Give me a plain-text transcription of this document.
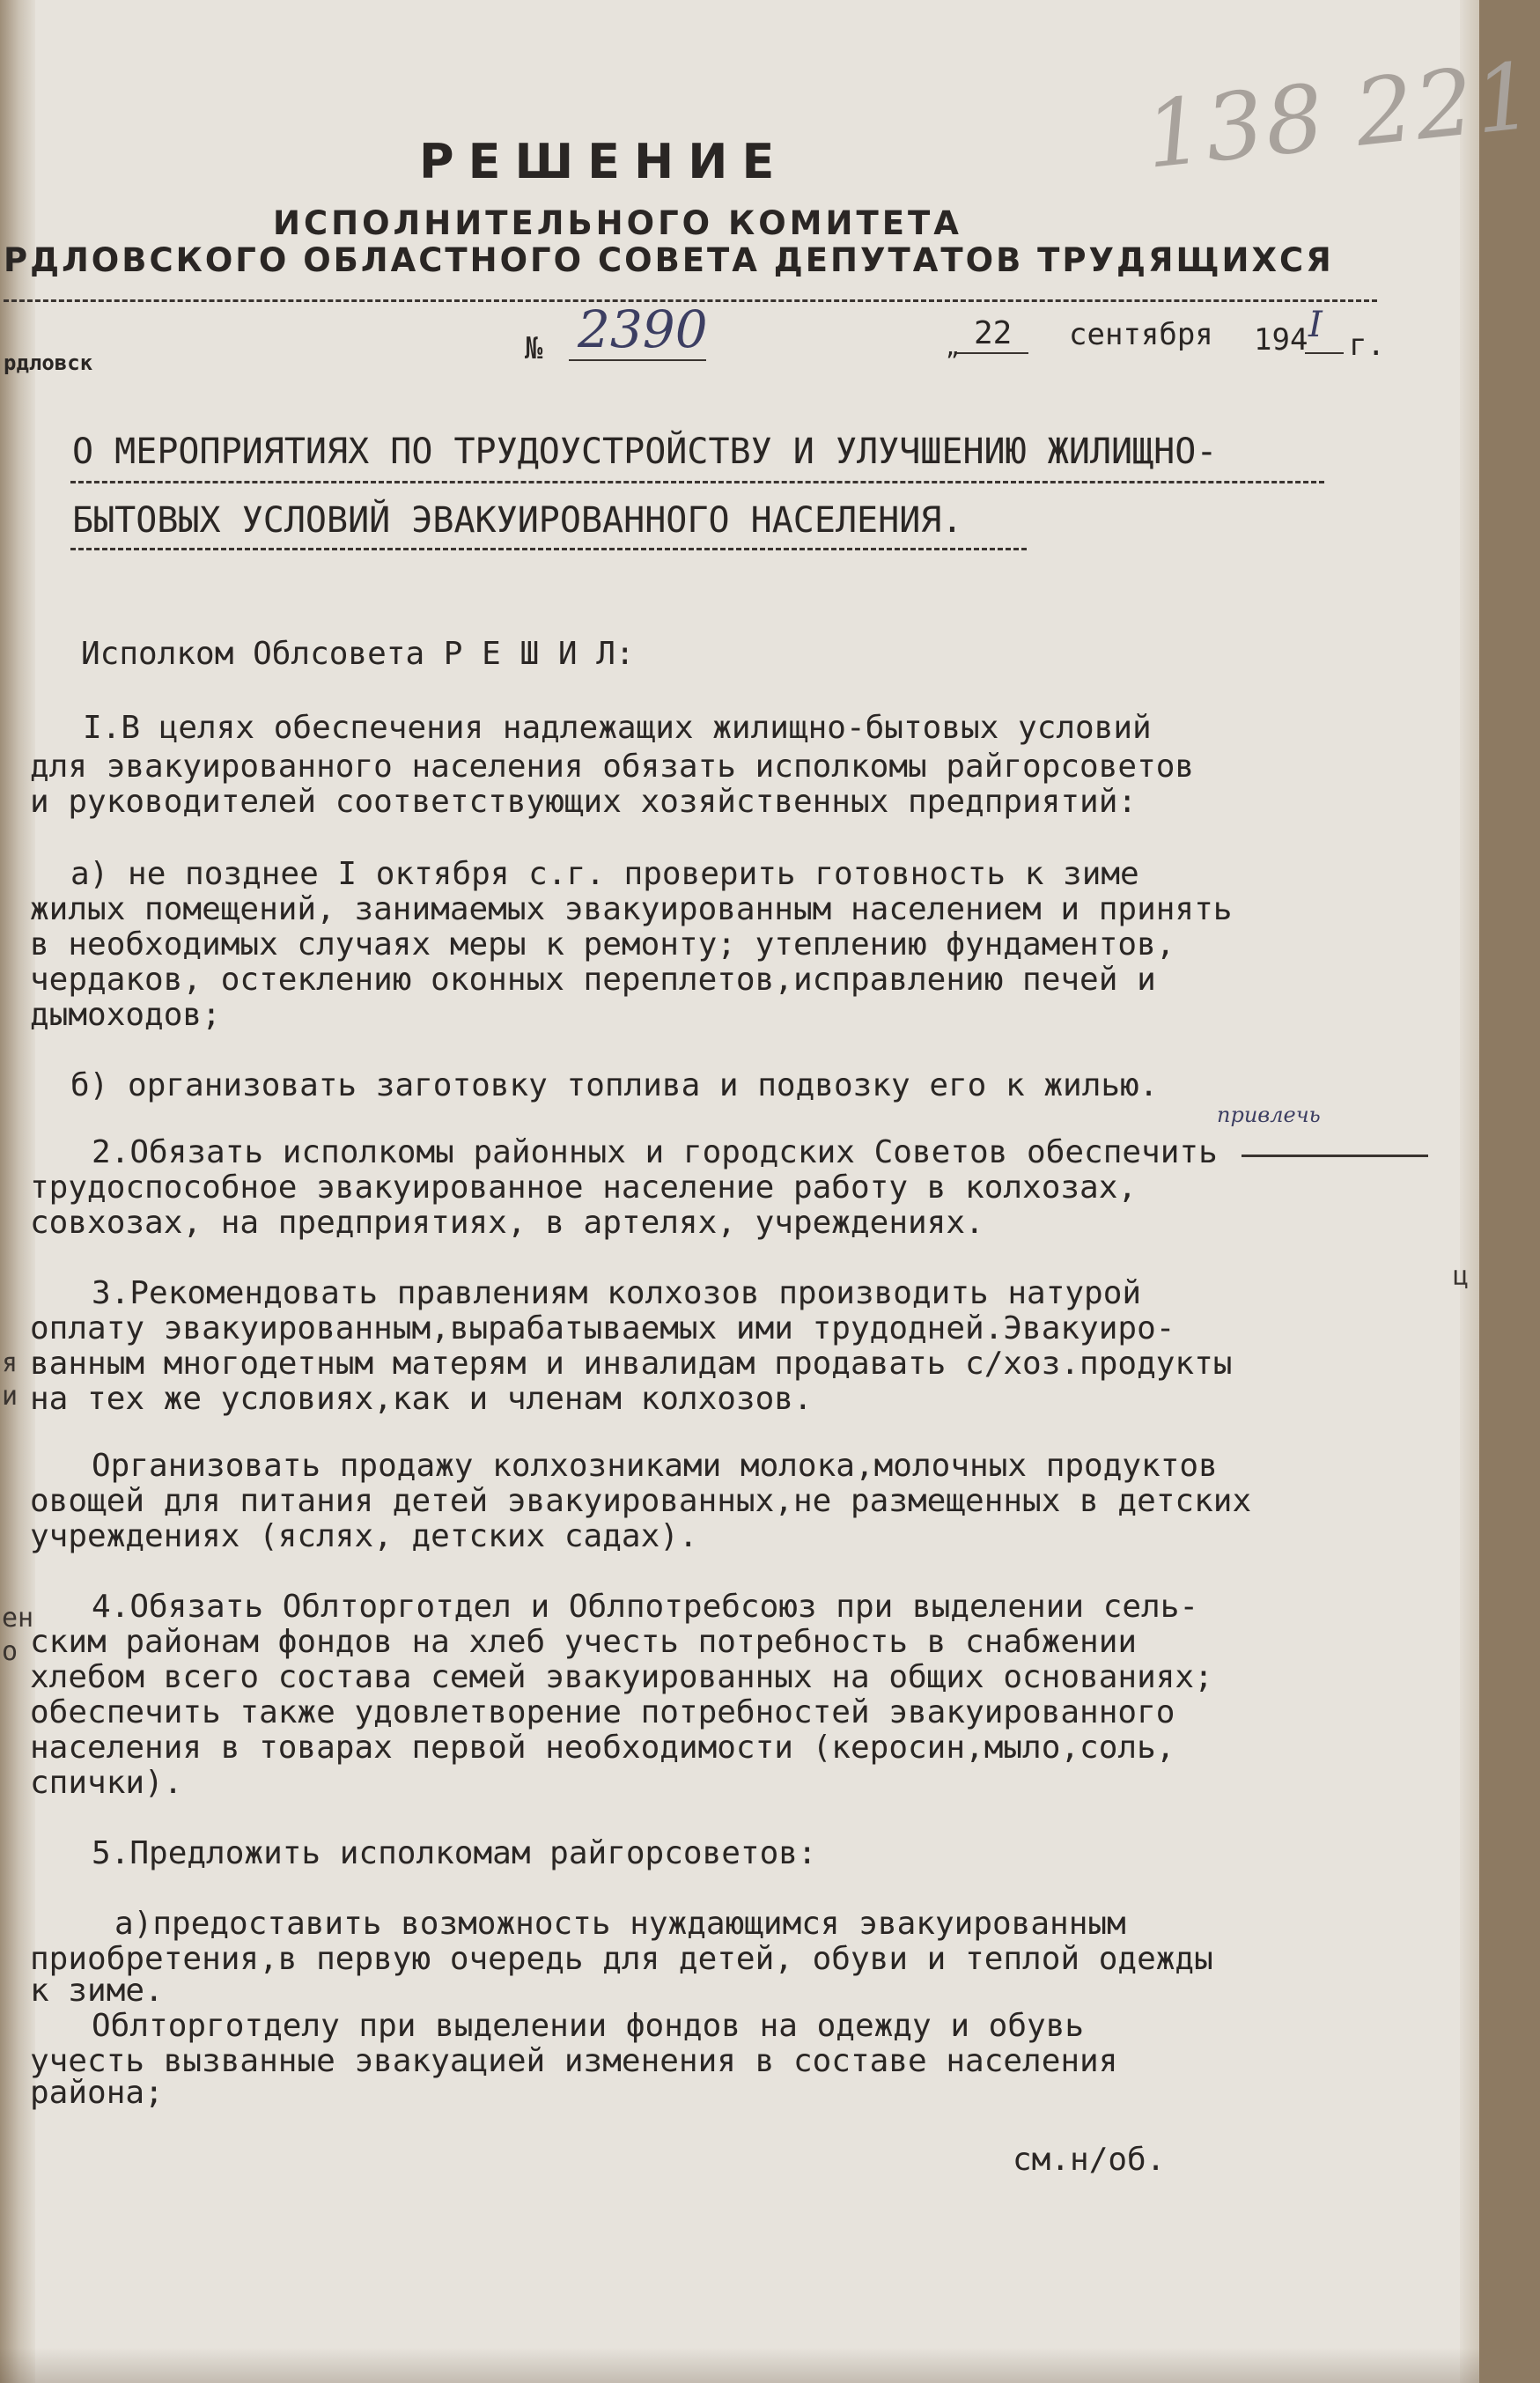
138 221
РЕШЕНИЕ
ИСПОЛНИТЕЛЬНОГО КОМИТЕТА
РДЛОВСКОГО ОБЛАСТНОГО СОВЕТА ДЕПУТАТОВ ТРУДЯЩИХСЯ
рдловск	№ 2390	„ 22 сентября 194 I г.
О МЕРОПРИЯТИЯХ ПО ТРУДОУСТРОЙСТВУ И УЛУЧШЕНИЮ ЖИЛИЩНО-
БЫТОВЫХ УСЛОВИЙ ЭВАКУИРОВАННОГО НАСЕЛЕНИЯ.
Исполком Облсовета Р Е Ш И Л:
I.В целях обеспечения надлежащих жилищно-бытовых условий
для эвакуированного населения обязать исполкомы райгорсоветов
и руководителей соответствующих хозяйственных предприятий:
а) не позднее I октября с.г. проверить готовность к зиме
жилых помещений, занимаемых эвакуированным населением и принять
в необходимых случаях меры к ремонту; утеплению фундаментов,
чердаков, остеклению оконных переплетов,исправлению печей и
дымоходов;
б) организовать заготовку топлива и подвозку его к жилью.
2.Обязать исполкомы районных и городских Советов обеспечить
трудоспособное эвакуированное население работу в колхозах,
совхозах, на предприятиях, в артелях, учреждениях.
3.Рекомендовать правлениям колхозов производить натурой
оплату эвакуированным,вырабатываемых ими трудодней.Эвакуиро-
ванным многодетным матерям и инвалидам продавать с/хоз.продукты
на тех же условиях,как и членам колхозов.
Организовать продажу колхозниками молока,молочных продуктов
овощей для питания детей эвакуированных,не размещенных в детских
учреждениях (яслях, детских садах).
4.Обязать Облторготдел и Облпотребсоюз при выделении сель-
ским районам фондов на хлеб учесть потребность в снабжении
хлебом всего состава семей эвакуированных на общих основаниях;
обеспечить также удовлетворение потребностей эвакуированного
населения в товарах первой необходимости (керосин,мыло,соль,
спички).
5.Предложить исполкомам райгорсоветов:
а)предоставить возможность нуждающимся эвакуированным
приобретения,в первую очередь для детей, обуви и теплой одежды
к зиме.
Облторготделу при выделении фондов на одежду и обувь
учесть вызванные эвакуацией изменения в составе населения
района;
привлечь
я
и
ц
ен
о
см.н/об.
